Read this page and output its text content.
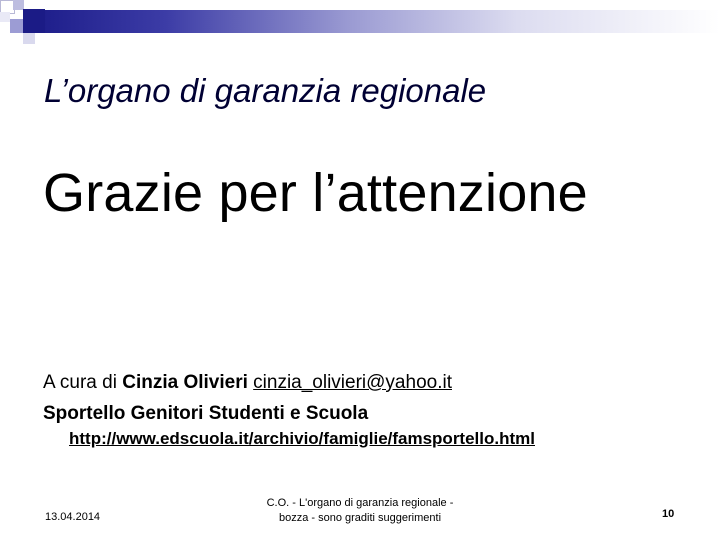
L’organo di garanzia regionale
Grazie per l’attenzione
A cura di Cinzia Olivieri cinzia_olivieri@yahoo.it
Sportello Genitori Studenti e Scuola
http://www.edscuola.it/archivio/famiglie/famsportello.html
13.04.2014
C.O. - L'organo di garanzia regionale -
bozza - sono graditi suggerimenti	10
